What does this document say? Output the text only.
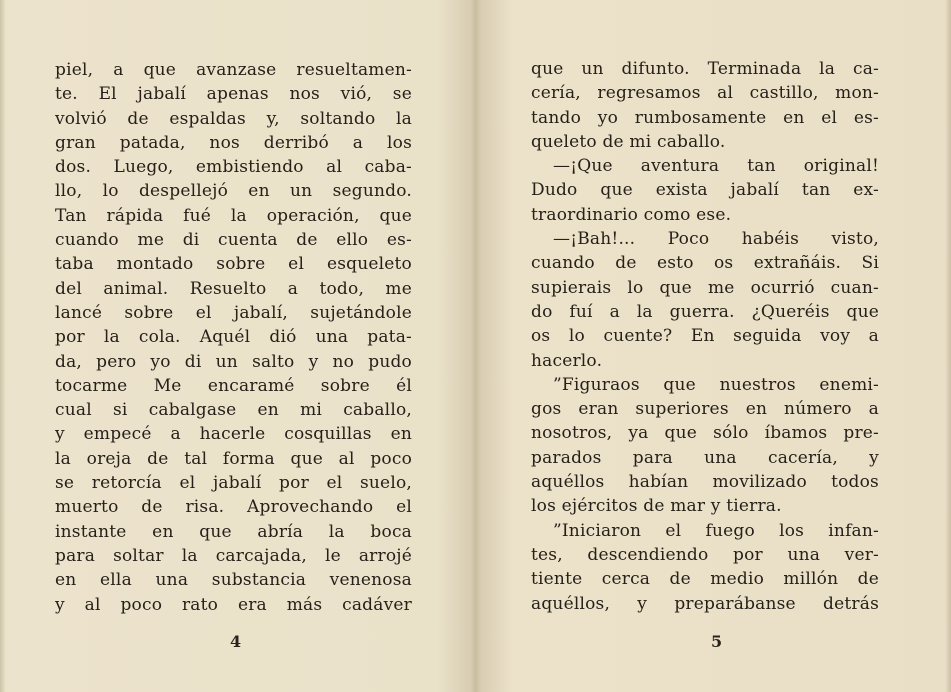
piel, a que avanzase resueltamen-
te. El jabalí apenas nos vió, se
volvió de espaldas y, soltando la
gran patada, nos derribó a los
dos. Luego, embistiendo al caba-
llo, lo despellejó en un segundo.
Tan rápida fué la operación, que
cuando me di cuenta de ello es-
taba montado sobre el esqueleto
del animal. Resuelto a todo, me
lancé sobre el jabalí, sujetándole
por la cola. Aquél dió una pata-
da, pero yo di un salto y no pudo
tocarme Me encaramé sobre él
cual si cabalgase en mi caballo,
y empecé a hacerle cosquillas en
la oreja de tal forma que al poco
se retorcía el jabalí por el suelo,
muerto de risa. Aprovechando el
instante en que abría la boca
para soltar la carcajada, le arrojé
en ella una substancia venenosa
y al poco rato era más cadáver
4
que un difunto. Terminada la ca-
cería, regresamos al castillo, mon-
tando yo rumbosamente en el es-
queleto de mi caballo.
—¡Que aventura tan original!
Dudo que exista jabalí tan ex-
traordinario como ese.
—¡Bah!... Poco habéis visto,
cuando de esto os extrañáis. Si
supierais lo que me ocurrió cuan-
do fuí a la guerra. ¿Queréis que
os lo cuente? En seguida voy a
hacerlo.
”Figuraos que nuestros enemi-
gos eran superiores en número a
nosotros, ya que sólo íbamos pre-
parados para una cacería, y
aquéllos habían movilizado todos
los ejércitos de mar y tierra.
”Iniciaron el fuego los infan-
tes, descendiendo por una ver-
tiente cerca de medio millón de
aquéllos, y preparábanse detrás
5
